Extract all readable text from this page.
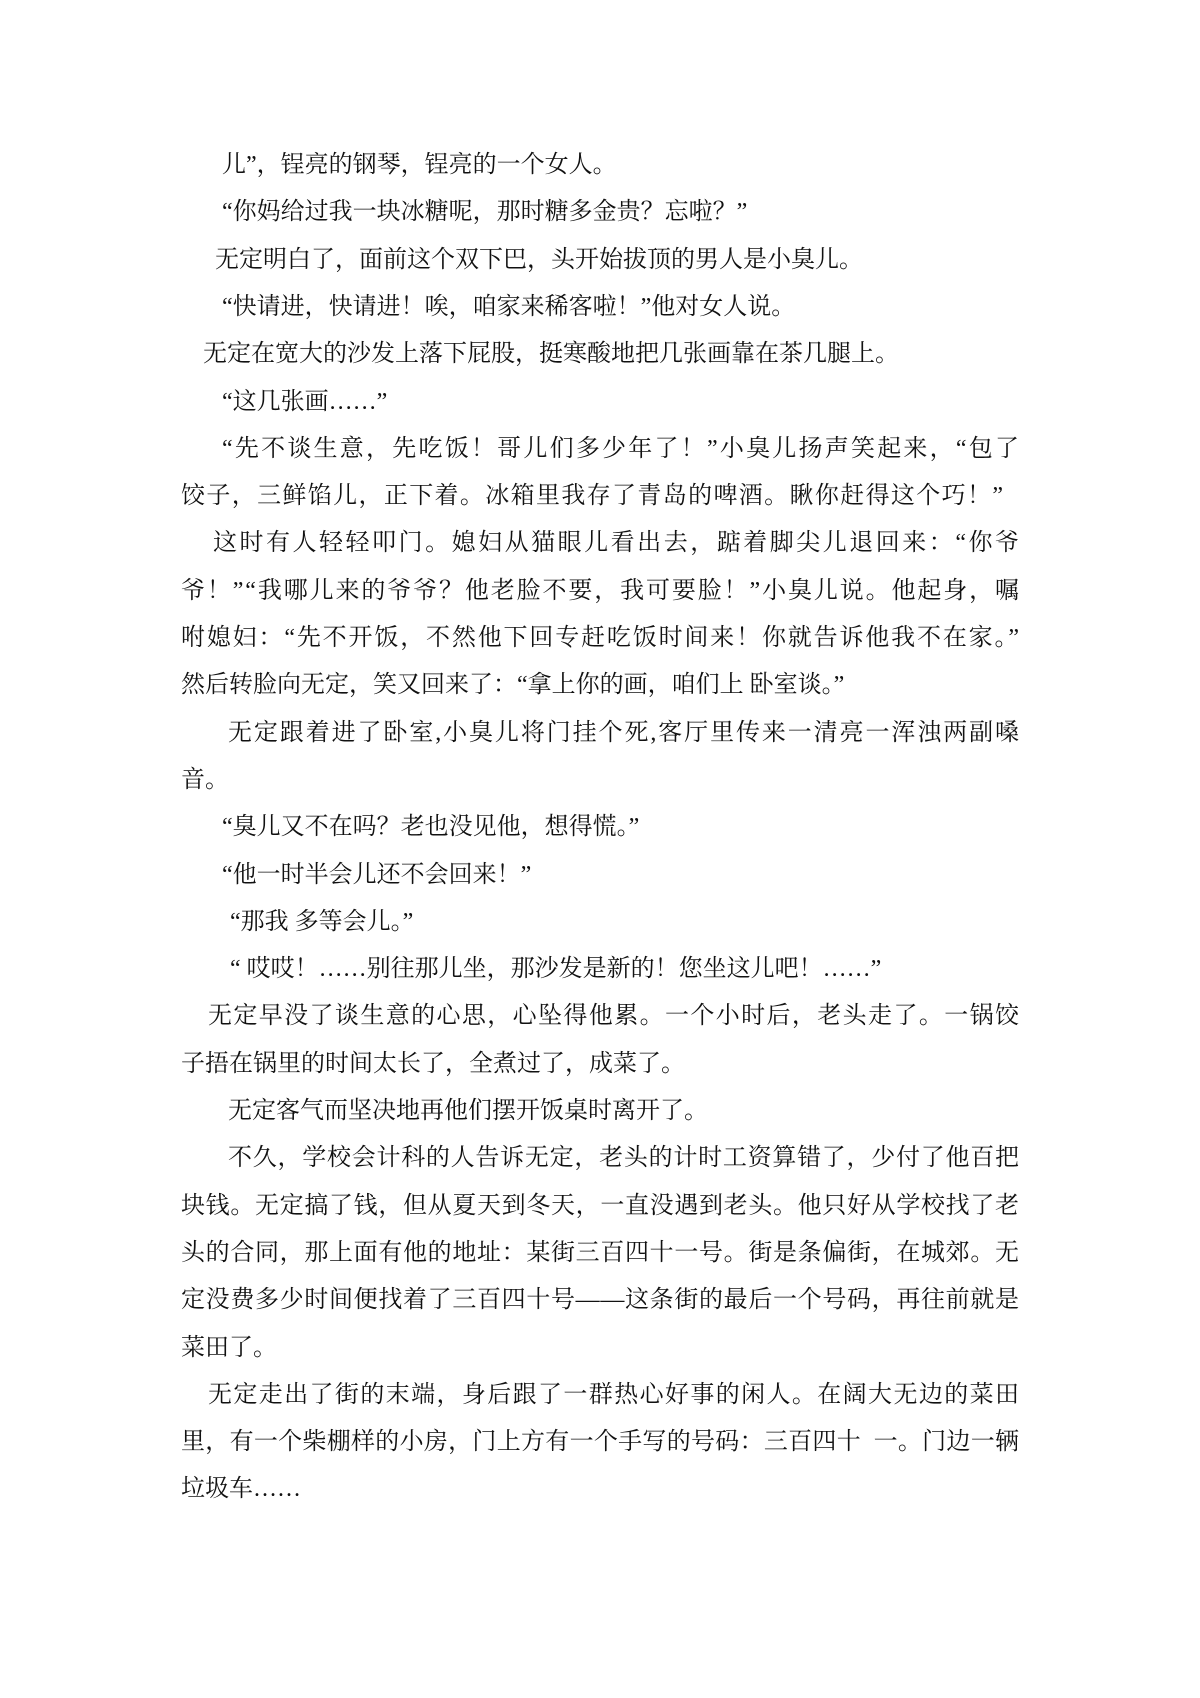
儿”，锃亮的钢琴，锃亮的一个女人。
“你妈给过我一块冰糖呢，那时糖多金贵？忘啦？”
无定明白了，面前这个双下巴，头开始拔顶的男人是小臭儿。
“快请进，快请进！唉，咱家来稀客啦！”他对女人说。
无定在宽大的沙发上落下屁股，挺寒酸地把几张画靠在茶几腿上。
“这几张画……”
“先不谈生意，先吃饭！哥儿们多少年了！”小臭儿扬声笑起来，“包了
饺子，三鲜馅儿，正下着。冰箱里我存了青岛的啤酒。瞅你赶得这个巧！”
这时有人轻轻叩门。媳妇从猫眼儿看出去，踮着脚尖儿退回来：“你爷
爷！”“我哪儿来的爷爷？他老脸不要，我可要脸！”小臭儿说。他起身，嘱
咐媳妇：“先不开饭，不然他下回专赶吃饭时间来！你就告诉他我不在家。”
然后转脸向无定，笑又回来了：“拿上你的画，咱们上 卧室谈。”
无定跟着进了卧室,小臭儿将门挂个死,客厅里传来一清亮一浑浊两副嗓
音。
“臭儿又不在吗？老也没见他，想得慌。”
“他一时半会儿还不会回来！”
“那我 多等会儿。”
“ 哎哎！……别往那儿坐，那沙发是新的！您坐这儿吧！……”
无定早没了谈生意的心思，心坠得他累。一个小时后，老头走了。一锅饺
子捂在锅里的时间太长了，全煮过了，成菜了。
无定客气而坚决地再他们摆开饭桌时离开了。
不久，学校会计科的人告诉无定，老头的计时工资算错了，少付了他百把
块钱。无定搞了钱，但从夏天到冬天，一直没遇到老头。他只好从学校找了老
头的合同，那上面有他的地址：某街三百四十一号。街是条偏街，在城郊。无
定没费多少时间便找着了三百四十号——这条街的最后一个号码，再往前就是
菜田了。
无定走出了街的末端，身后跟了一群热心好事的闲人。在阔大无边的菜田
里，有一个柴棚样的小房，门上方有一个手写的号码：三百四十  一。门边一辆
垃圾车……
